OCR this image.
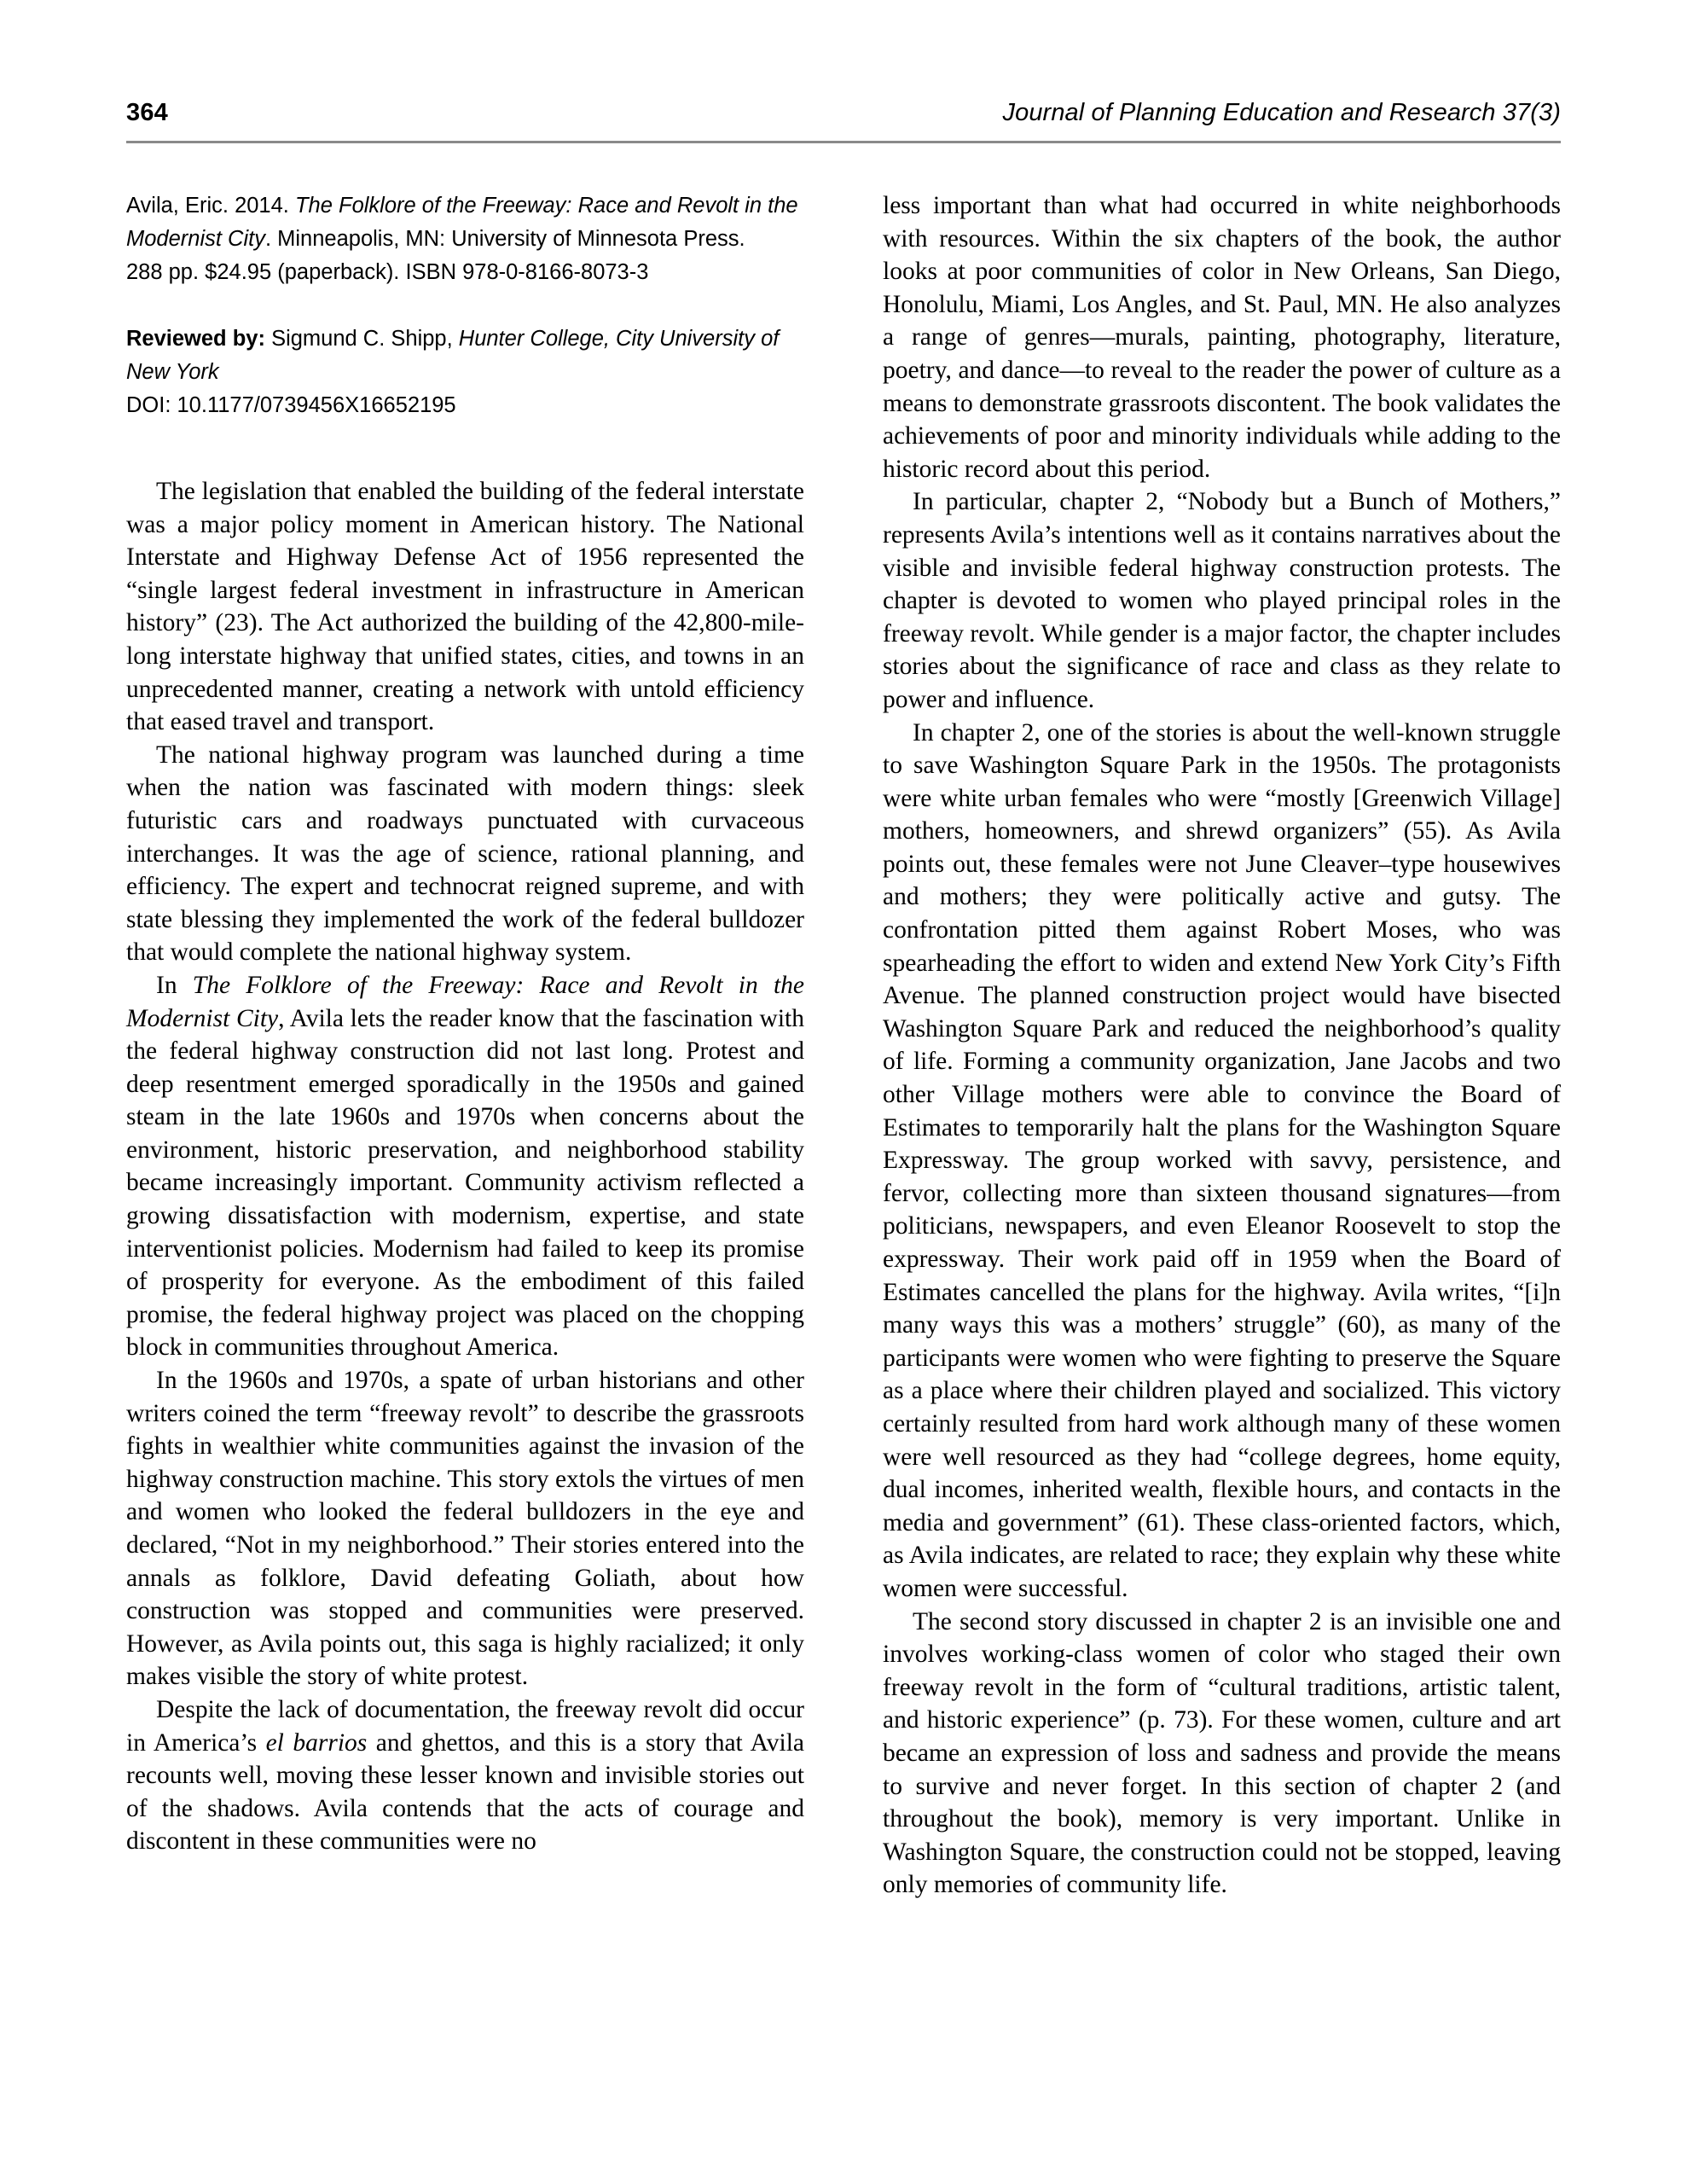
364	Journal of Planning Education and Research 37(3)

Avila, Eric. 2014. The Folklore of the Freeway: Race and Revolt in the Modernist City. Minneapolis, MN: University of Minnesota Press.

288 pp. $24.95 (paperback). ISBN 978-0-8166-8073-3

Reviewed by: Sigmund C. Shipp, Hunter College, City University of

New York

DOI: 10.1177/0739456X16652195

The legislation that enabled the building of the federal interstate was a major policy moment in American history. The National Interstate and Highway Defense Act of 1956 represented the “single largest federal investment in infrastructure in American history” (23). The Act authorized the building of the 42,800-mile-long interstate highway that unified states, cities, and towns in an unprecedented manner, creating a network with untold efficiency that eased travel and transport.

The national highway program was launched during a time when the nation was fascinated with modern things: sleek futuristic cars and roadways punctuated with curvaceous interchanges. It was the age of science, rational planning, and efficiency. The expert and technocrat reigned supreme, and with state blessing they implemented the work of the federal bulldozer that would complete the national highway system.

In The Folklore of the Freeway: Race and Revolt in the Modernist City, Avila lets the reader know that the fascination with the federal highway construction did not last long. Protest and deep resentment emerged sporadically in the 1950s and gained steam in the late 1960s and 1970s when concerns about the environment, historic preservation, and neighborhood stability became increasingly important. Community activism reflected a growing dissatisfaction with modernism, expertise, and state interventionist policies. Modernism had failed to keep its promise of prosperity for everyone. As the embodiment of this failed promise, the federal highway project was placed on the chopping block in communities throughout America.

In the 1960s and 1970s, a spate of urban historians and other writers coined the term “freeway revolt” to describe the grassroots fights in wealthier white communities against the invasion of the highway construction machine. This story extols the virtues of men and women who looked the federal bulldozers in the eye and declared, “Not in my neighborhood.” Their stories entered into the annals as folklore, David defeating Goliath, about how construction was stopped and communities were preserved. However, as Avila points out, this saga is highly racialized; it only makes visible the story of white protest.

Despite the lack of documentation, the freeway revolt did occur in America’s el barrios and ghettos, and this is a story that Avila recounts well, moving these lesser known and invisible stories out of the shadows. Avila contends that the acts of courage and discontent in these communities were no

less important than what had occurred in white neighborhoods with resources. Within the six chapters of the book, the author looks at poor communities of color in New Orleans, San Diego, Honolulu, Miami, Los Angles, and St. Paul, MN. He also analyzes a range of genres—murals, painting, photography, literature, poetry, and dance—to reveal to the reader the power of culture as a means to demonstrate grassroots discontent. The book validates the achievements of poor and minority individuals while adding to the historic record about this period.

In particular, chapter 2, “Nobody but a Bunch of Mothers,” represents Avila’s intentions well as it contains narratives about the visible and invisible federal highway construction protests. The chapter is devoted to women who played principal roles in the freeway revolt. While gender is a major factor, the chapter includes stories about the significance of race and class as they relate to power and influence.

In chapter 2, one of the stories is about the well-known struggle to save Washington Square Park in the 1950s. The protagonists were white urban females who were “mostly [Greenwich Village] mothers, homeowners, and shrewd organizers” (55). As Avila points out, these females were not June Cleaver–type housewives and mothers; they were politically active and gutsy. The confrontation pitted them against Robert Moses, who was spearheading the effort to widen and extend New York City’s Fifth Avenue. The planned construction project would have bisected Washington Square Park and reduced the neighborhood’s quality of life. Forming a community organization, Jane Jacobs and two other Village mothers were able to convince the Board of Estimates to temporarily halt the plans for the Washington Square Expressway. The group worked with savvy, persistence, and fervor, collecting more than sixteen thousand signatures—from politicians, newspapers, and even Eleanor Roosevelt to stop the expressway. Their work paid off in 1959 when the Board of Estimates cancelled the plans for the highway. Avila writes, “[i]n many ways this was a mothers’ struggle” (60), as many of the participants were women who were fighting to preserve the Square as a place where their children played and socialized. This victory certainly resulted from hard work although many of these women were well resourced as they had “college degrees, home equity, dual incomes, inherited wealth, flexible hours, and contacts in the media and government” (61). These class-oriented factors, which, as Avila indicates, are related to race; they explain why these white women were successful.

The second story discussed in chapter 2 is an invisible one and involves working-class women of color who staged their own freeway revolt in the form of “cultural traditions, artistic talent, and historic experience” (p. 73). For these women, culture and art became an expression of loss and sadness and provide the means to survive and never forget. In this section of chapter 2 (and throughout the book), memory is very important. Unlike in Washington Square, the construction could not be stopped, leaving only memories of community life.
